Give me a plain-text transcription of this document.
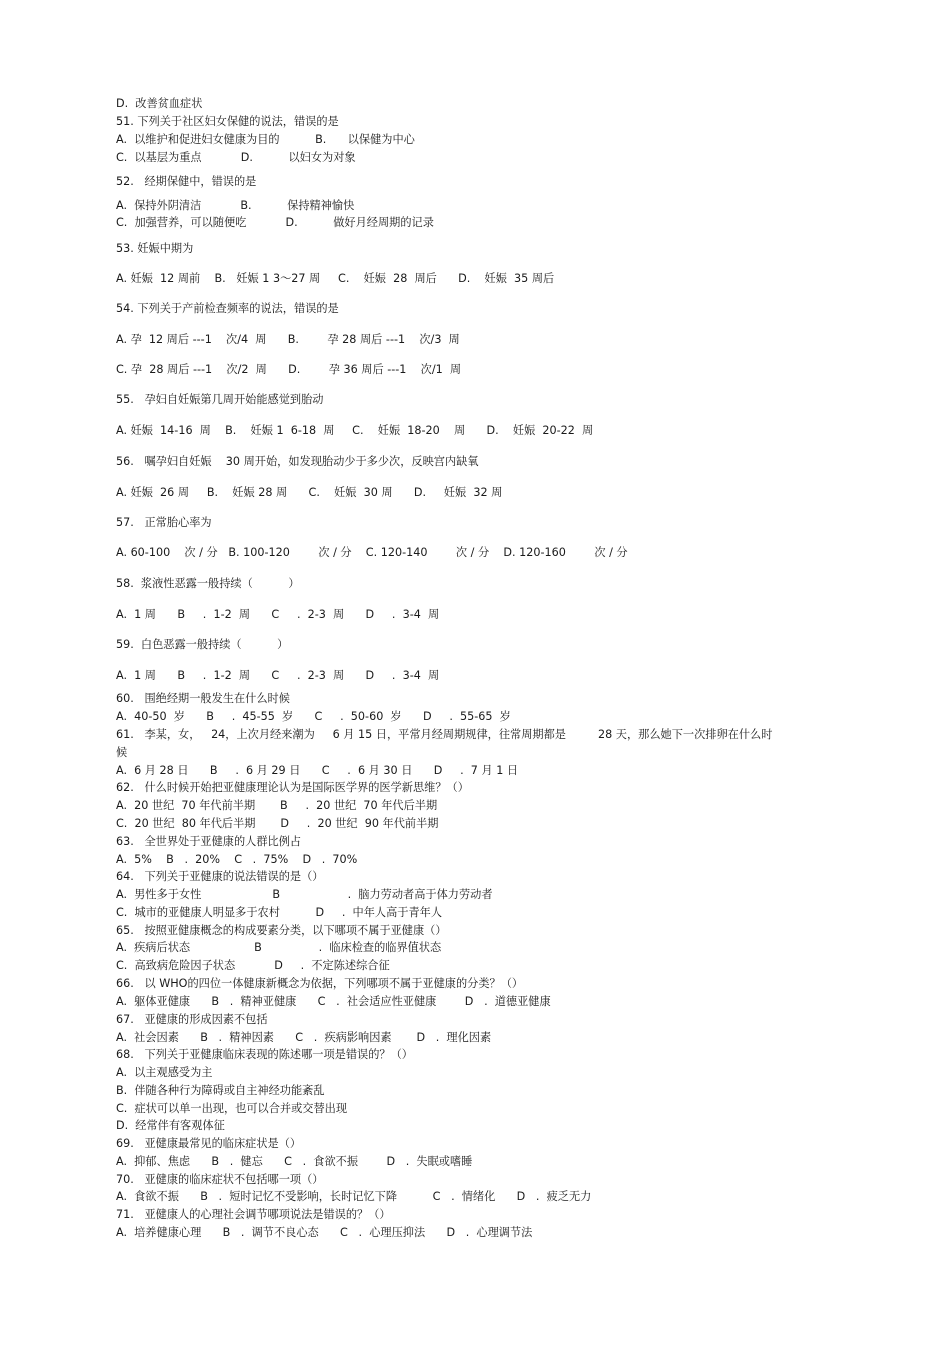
D.  改善贫血症状
51. 下列关于社区妇女保健的说法，错误的是
A.  以维护和促进妇女健康为目的          B.      以保健为中心
C.  以基层为重点           D.          以妇女为对象
52.   经期保健中，错误的是
A.  保持外阴清洁           B.          保持精神愉快
C.  加强营养，可以随便吃           D.          做好月经周期的记录
53. 妊娠中期为
A. 妊娠  12 周前    B.   妊娠 1 3～27 周     C.    妊娠  28  周后      D.    妊娠  35 周后
54. 下列关于产前检查频率的说法，错误的是
A. 孕  12 周后 ---1    次/4  周      B.        孕 28 周后 ---1    次/3  周
C. 孕  28 周后 ---1    次/2  周      D.        孕 36 周后 ---1    次/1  周
55.   孕妇自妊娠第几周开始能感觉到胎动
A. 妊娠  14-16  周    B.    妊娠 1  6-18  周     C.    妊娠  18-20    周      D.    妊娠  20-22  周
56.   嘱孕妇自妊娠    30 周开始，如发现胎动少于多少次，反映宫内缺氧
A. 妊娠  26 周     B.    妊娠 28 周      C.    妊娠  30 周      D.     妊娠  32 周
57.   正常胎心率为
A. 60-100    次 / 分   B. 100-120        次 / 分    C. 120-140        次 / 分    D. 120-160        次 / 分
58.  浆液性恶露一般持续（          ）
A.  1 周      B     .  1-2  周      C     .  2-3  周      D     .  3-4  周
59.  白色恶露一般持续（          ）
A.  1 周      B     .  1-2  周      C     .  2-3  周      D     .  3-4  周
60.   围绝经期一般发生在什么时候
A.  40-50  岁      B     .  45-55  岁      C     .  50-60  岁      D     .  55-65  岁
61.   李某，女，   24，上次月经来潮为     6 月 15 日，平常月经周期规律，往常周期都是         28 天，那么她下一次排卵在什么时
候
A.  6 月 28 日      B     .  6 月 29 日      C     .  6 月 30 日      D     .  7 月 1 日
62.   什么时候开始把亚健康理论认为是国际医学界的医学新思维？（）
A.  20 世纪  70 年代前半期       B     .  20 世纪  70 年代后半期
C.  20 世纪  80 年代后半期       D     .  20 世纪  90 年代前半期
63.   全世界处于亚健康的人群比例占
A.  5%    B   .  20%    C   .  75%    D   .  70%
64.   下列关于亚健康的说法错误的是（）
A.  男性多于女性                    B                   .  脑力劳动者高于体力劳动者
C.  城市的亚健康人明显多于农村          D     .  中年人高于青年人
65.   按照亚健康概念的构成要素分类，以下哪项不属于亚健康（）
A.  疾病后状态                  B                .  临床检查的临界值状态
C.  高致病危险因子状态           D     .  不定陈述综合征
66.   以 WHO的四位一体健康新概念为依据，下列哪项不属于亚健康的分类？（）
A.  躯体亚健康      B   .  精神亚健康      C   .  社会适应性亚健康        D   .  道德亚健康
67.   亚健康的形成因素不包括
A.  社会因素      B   .  精神因素      C   .  疾病影响因素       D   .  理化因素
68.   下列关于亚健康临床表现的陈述哪一项是错误的？（）
A.  以主观感受为主
B.  伴随各种行为障碍或自主神经功能紊乱
C.  症状可以单一出现，也可以合并或交替出现
D.  经常伴有客观体征
69.   亚健康最常见的临床症状是（）
A.  抑郁、焦虑      B   .  健忘      C   .  食欲不振        D   .  失眠或嗜睡
70.   亚健康的临床症状不包括哪一项（）
A.  食欲不振      B   .  短时记忆不受影响，长时记忆下降          C   .  情绪化      D   .  疲乏无力
71.   亚健康人的心理社会调节哪项说法是错误的？（）
A.  培养健康心理      B   .  调节不良心态      C   .  心理压抑法      D   .  心理调节法
